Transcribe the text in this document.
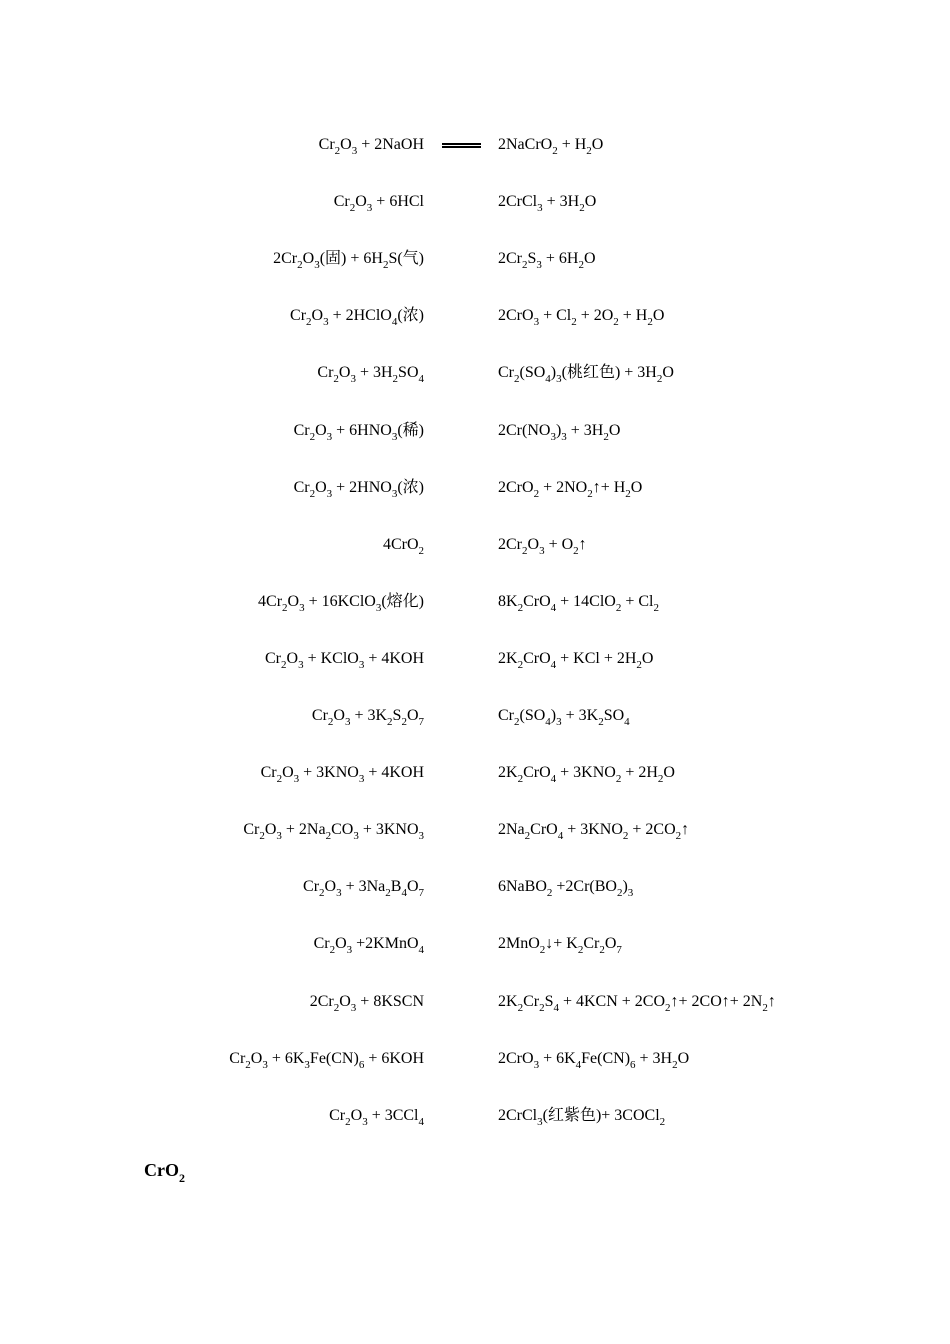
$Cr_2O_3$ + 2NaOH	2NaCrO$_2$ + $H_2O$
$Cr_2O_3 + 6HCl$	2CrCl$_3$ + $3H_2O$
$2Cr_2O_3$(固) + $6H_2S$(气)	$2Cr_2S_3 + 6H_2O$
$Cr_2O_3$ + 2HClO$_4$(浓)	$2CrO_3 + Cl_2 + 2O_2 + H_2O$
$Cr_2O_3 + 3H_2SO_4$	$Cr_2(SO_4)_3$(桃红色) + $3H_2O$
$Cr_2O_3 + 6HNO_3$(稀)	$2Cr(NO_3)_3 + 3H_2O$
$Cr_2O_3 + 2HNO_3$(浓)	$2CrO_2 + 2NO_2↑+ H_2O$
4CrO$_2$	$2Cr_2O_3$ + $O_2↑$
$4Cr_2O_3$ + 16KClO$_3$(熔化)	$8K_2CrO_4 + 14ClO_2 + Cl_2$
$Cr_2O_3$ + KClO$_3$ + 4KOH	$2K_2CrO_4$ + KCl + $2H_2O$
$Cr_2O_3 + 3K_2S_2O_7$	$Cr_2(SO_4)_3 + 3K_2SO_4$
$Cr_2O_3 + 3KNO_3 + 4KOH$	$2K_2CrO_4 + 3KNO_2 + 2H_2O$
$Cr_2O_3 + 2Na_2CO_3 + 3KNO_3$	$2Na_2CrO_4 + 3KNO_2$ + $2CO_2↑$
$Cr_2O_3 + 3Na_2B_4O_7$	6NaBO$_2$ $+2Cr(BO_2)_3$
$Cr_2O_3$ +2KMnO$_4$	2MnO$_2$↓+ $K_2Cr_2O_7$
$2Cr_2O_3$ + 8KSCN	$2K_2Cr_2S_4 + 4KCN$ + $2CO_2↑+$ 2CO↑+ $2N_2↑$
$Cr_2O_3 + 6K_3Fe(CN)_6 + 6KOH$	$2CrO_3 + 6K_4Fe(CN)_6 + 3H_2O$
$Cr_2O_3 + 3CCl_4$	2CrCl$_3$(红紫色)+ 3COCl$_2$
CrO$_2$
